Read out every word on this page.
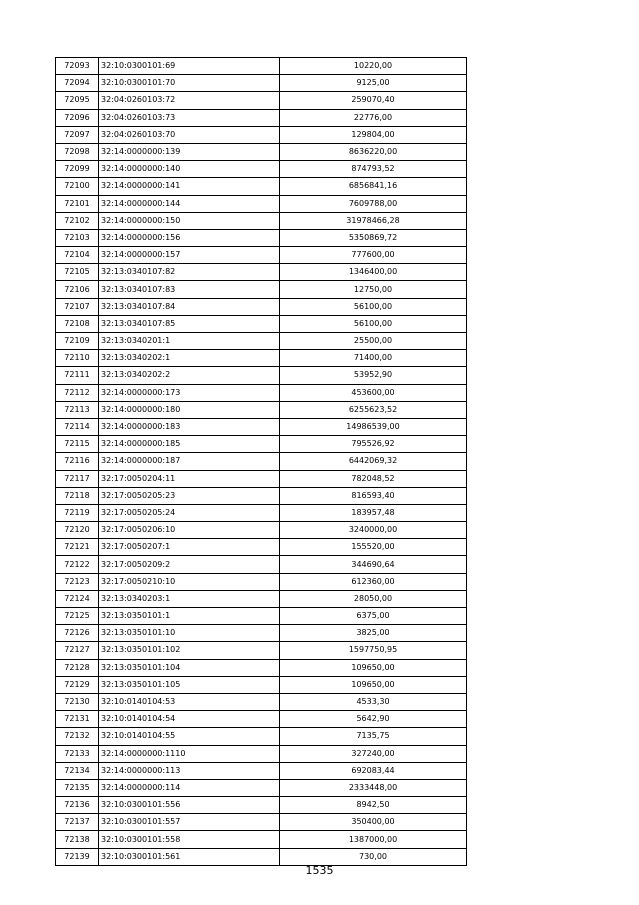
72093	32:10:0300101:69	10220,00
72094	32:10:0300101:70	9125,00
72095	32:04:0260103:72	259070,40
72096	32:04:0260103:73	22776,00
72097	32:04:0260103:70	129804,00
72098	32:14:0000000:139	8636220,00
72099	32:14:0000000:140	874793,52
72100	32:14:0000000:141	6856841,16
72101	32:14:0000000:144	7609788,00
72102	32:14:0000000:150	31978466,28
72103	32:14:0000000:156	5350869,72
72104	32:14:0000000:157	777600,00
72105	32:13:0340107:82	1346400,00
72106	32:13:0340107:83	12750,00
72107	32:13:0340107:84	56100,00
72108	32:13:0340107:85	56100,00
72109	32:13:0340201:1	25500,00
72110	32:13:0340202:1	71400,00
72111	32:13:0340202:2	53952,90
72112	32:14:0000000:173	453600,00
72113	32:14:0000000:180	6255623,52
72114	32:14:0000000:183	14986539,00
72115	32:14:0000000:185	795526,92
72116	32:14:0000000:187	6442069,32
72117	32:17:0050204:11	782048,52
72118	32:17:0050205:23	816593,40
72119	32:17:0050205:24	183957,48
72120	32:17:0050206:10	3240000,00
72121	32:17:0050207:1	155520,00
72122	32:17:0050209:2	344690,64
72123	32:17:0050210:10	612360,00
72124	32:13:0340203:1	28050,00
72125	32:13:0350101:1	6375,00
72126	32:13:0350101:10	3825,00
72127	32:13:0350101:102	1597750,95
72128	32:13:0350101:104	109650,00
72129	32:13:0350101:105	109650,00
72130	32:10:0140104:53	4533,30
72131	32:10:0140104:54	5642,90
72132	32:10:0140104:55	7135,75
72133	32:14:0000000:1110	327240,00
72134	32:14:0000000:113	692083,44
72135	32:14:0000000:114	2333448,00
72136	32:10:0300101:556	8942,50
72137	32:10:0300101:557	350400,00
72138	32:10:0300101:558	1387000,00
72139	32:10:0300101:561	730,00
1535
